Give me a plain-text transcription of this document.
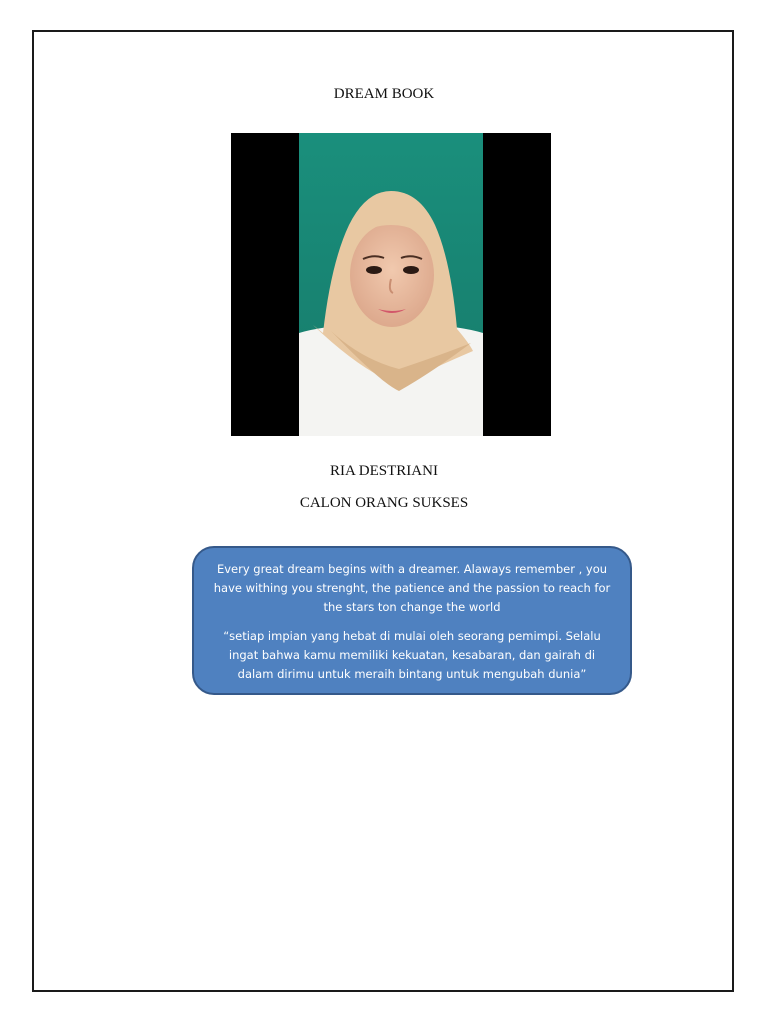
DREAM BOOK
RIA DESTRIANI
CALON ORANG SUKSES

Every great dream begins with a dreamer. Alaways remember , you have withing you strenght, the patience and the passion to reach for the stars ton change the world

“setiap impian yang hebat di mulai oleh seorang pemimpi. Selalu ingat bahwa kamu memiliki kekuatan, kesabaran, dan gairah di dalam dirimu untuk meraih bintang untuk mengubah dunia”
